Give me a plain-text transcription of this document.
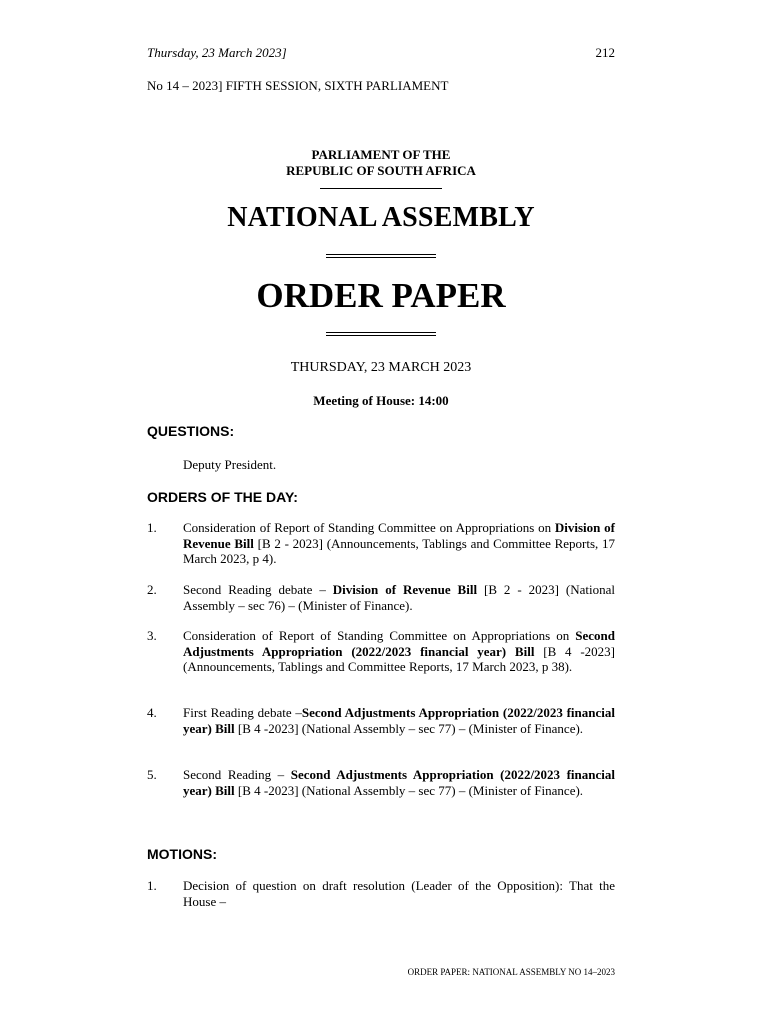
Thursday, 23 March 2023]	212
No 14 – 2023] FIFTH SESSION, SIXTH PARLIAMENT
PARLIAMENT OF THE
REPUBLIC OF SOUTH AFRICA
NATIONAL ASSEMBLY
ORDER PAPER
THURSDAY, 23 MARCH 2023
Meeting of House: 14:00
QUESTIONS:
Deputy President.
ORDERS OF THE DAY:
1. Consideration of Report of Standing Committee on Appropriations on Division of Revenue Bill [B 2 - 2023] (Announcements, Tablings and Committee Reports, 17 March 2023, p 4).
2. Second Reading debate – Division of Revenue Bill [B 2 - 2023] (National Assembly – sec 76) – (Minister of Finance).
3. Consideration of Report of Standing Committee on Appropriations on Second Adjustments Appropriation (2022/2023 financial year) Bill [B 4 -2023] (Announcements, Tablings and Committee Reports, 17 March 2023, p 38).
4. First Reading debate –Second Adjustments Appropriation (2022/2023 financial year) Bill [B 4 -2023] (National Assembly – sec 77) – (Minister of Finance).
5. Second Reading – Second Adjustments Appropriation (2022/2023 financial year) Bill [B 4 -2023] (National Assembly – sec 77) – (Minister of Finance).
MOTIONS:
1. Decision of question on draft resolution (Leader of the Opposition): That the House –
ORDER PAPER: NATIONAL ASSEMBLY NO 14–2023
